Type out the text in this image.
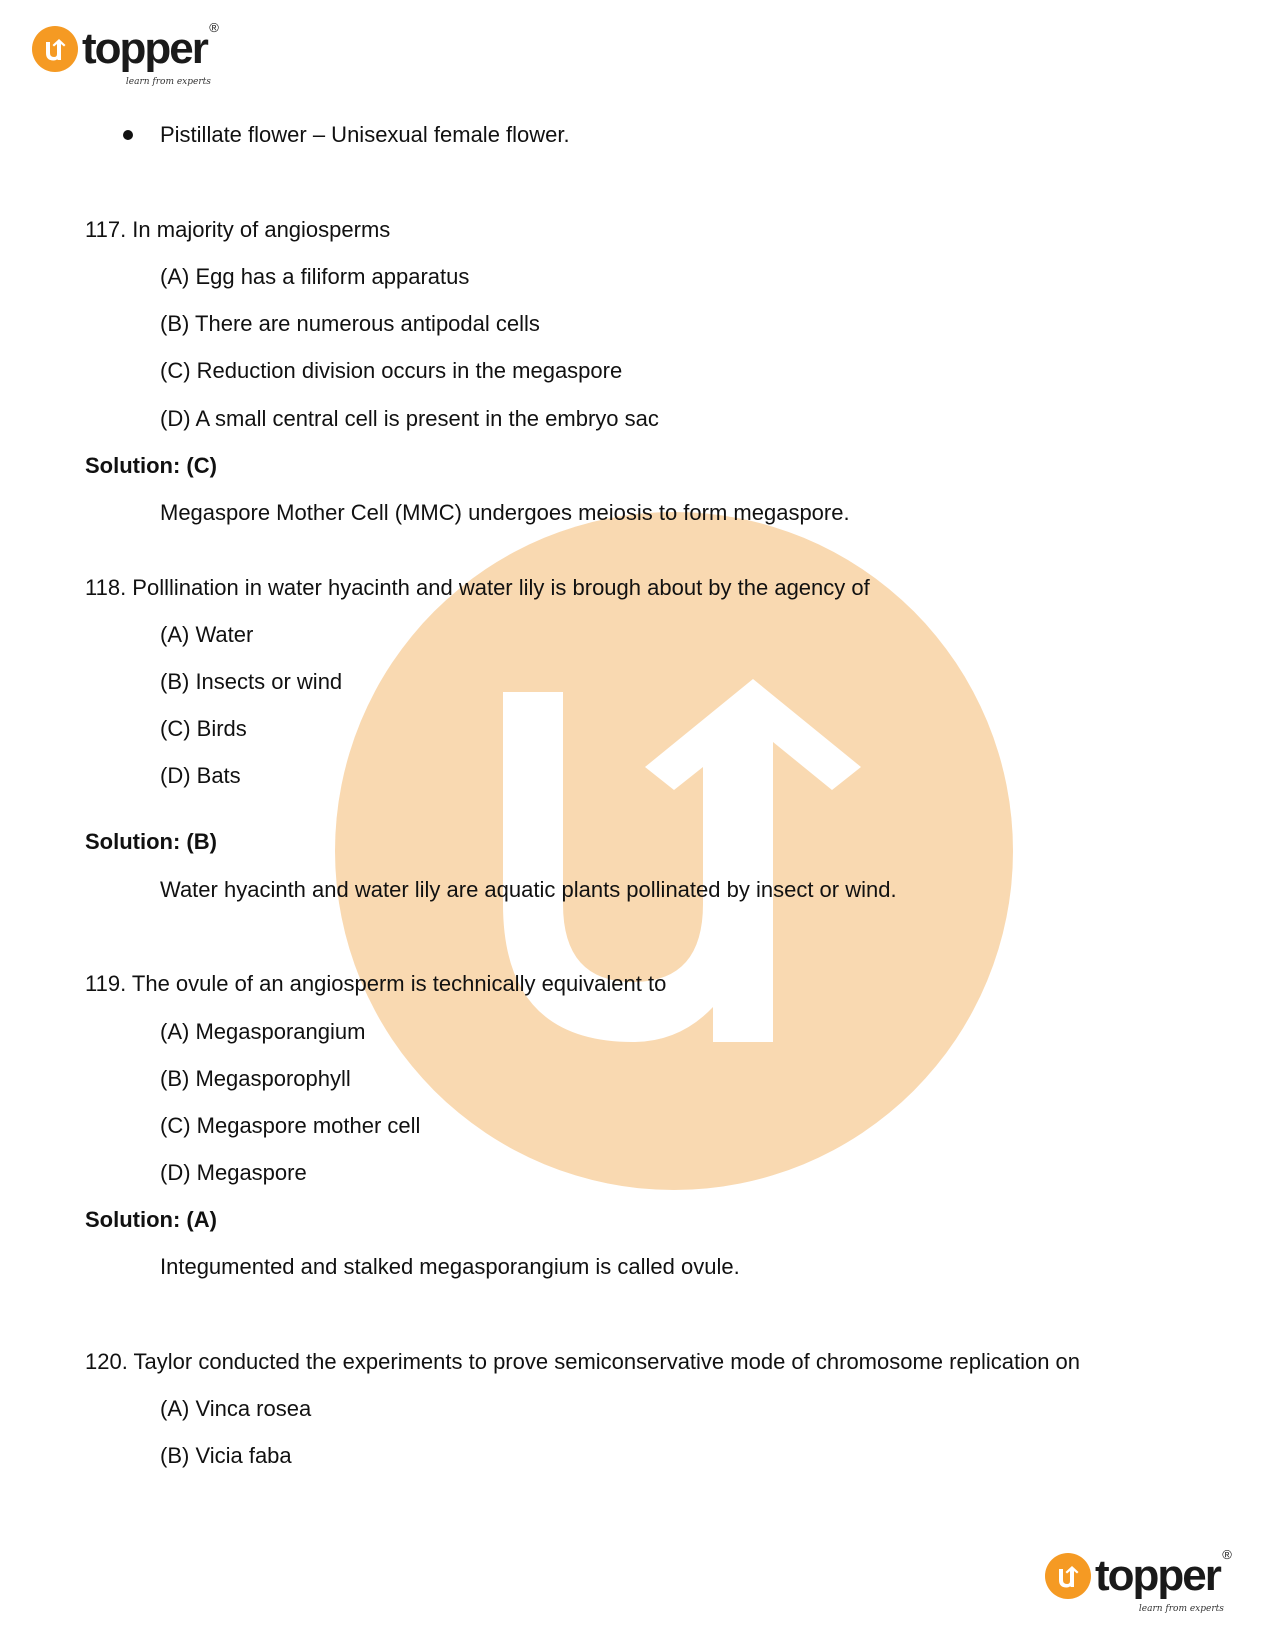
topper ®
learn from experts
Pistillate flower – Unisexual female flower.
117. In majority of angiosperms
(A) Egg has a filiform apparatus
(B) There are numerous antipodal cells
(C) Reduction division occurs in the megaspore
(D) A small central cell is present in the embryo sac
Solution: (C)
Megaspore Mother Cell (MMC) undergoes meiosis to form megaspore.
118. Polllination in water hyacinth and water lily is brough about by the agency of
(A) Water
(B) Insects or wind
(C) Birds
(D) Bats
Solution: (B)
Water hyacinth and water lily are aquatic plants pollinated by insect or wind.
119. The ovule of an angiosperm is technically equivalent to
(A) Megasporangium
(B) Megasporophyll
(C) Megaspore mother cell
(D) Megaspore
Solution: (A)
Integumented and stalked megasporangium is called ovule.
120. Taylor conducted the experiments to prove semiconservative mode of chromosome replication on
(A) Vinca rosea
(B) Vicia faba
topper ®
learn from experts
